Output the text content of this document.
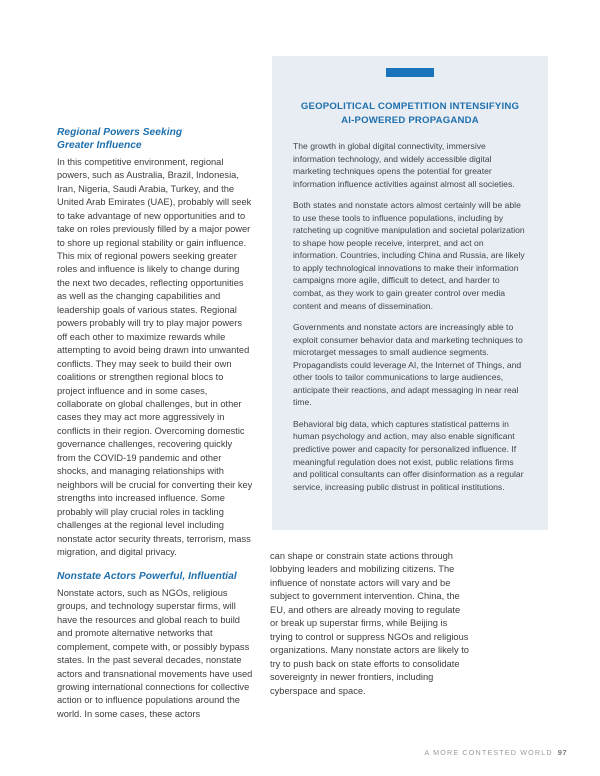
Regional Powers Seeking
Greater Influence

In this competitive environment, regional powers, such as Australia, Brazil, Indonesia, Iran, Nigeria, Saudi Arabia, Turkey, and the United Arab Emirates (UAE), probably will seek to take advantage of new opportunities and to take on roles previously filled by a major power to shore up regional stability or gain influence. This mix of regional powers seeking greater roles and influence is likely to change during the next two decades, reflecting opportunities as well as the changing capabilities and leadership goals of various states. Regional powers probably will try to play major powers off each other to maximize rewards while attempting to avoid being drawn into unwanted conflicts. They may seek to build their own coalitions or strengthen regional blocs to project influence and in some cases, collaborate on global challenges, but in other cases they may act more aggressively in conflicts in their region. Overcoming domestic governance challenges, recovering quickly from the COVID-19 pandemic and other shocks, and managing relationships with neighbors will be crucial for converting their key strengths into increased influence. Some probably will play crucial roles in tackling challenges at the regional level including nonstate actor security threats, terrorism, mass migration, and digital privacy.

Nonstate Actors Powerful, Influential

Nonstate actors, such as NGOs, religious groups, and technology superstar firms, will have the resources and global reach to build and promote alternative networks that complement, compete with, or possibly bypass states. In the past several decades, nonstate actors and transnational movements have used growing international connections for collective action or to influence populations around the world. In some cases, these actors

GEOPOLITICAL COMPETITION INTENSIFYING
AI-POWERED PROPAGANDA

The growth in global digital connectivity, immersive information technology, and widely accessible digital marketing techniques opens the potential for greater information influence activities against almost all societies.

Both states and nonstate actors almost certainly will be able to use these tools to influence populations, including by ratcheting up cognitive manipulation and societal polarization to shape how people receive, interpret, and act on information. Countries, including China and Russia, are likely to apply technological innovations to make their information campaigns more agile, difficult to detect, and harder to combat, as they work to gain greater control over media content and means of dissemination.

Governments and nonstate actors are increasingly able to exploit consumer behavior data and marketing techniques to microtarget messages to small audience segments. Propagandists could leverage AI, the Internet of Things, and other tools to tailor communications to large audiences, anticipate their reactions, and adapt messaging in near real time.

Behavioral big data, which captures statistical patterns in human psychology and action, may also enable significant predictive power and capacity for personalized influence. If meaningful regulation does not exist, public relations firms and political consultants can offer disinformation as a regular service, increasing public distrust in political institutions.

can shape or constrain state actions through lobbying leaders and mobilizing citizens. The influence of nonstate actors will vary and be subject to government intervention. China, the EU, and others are already moving to regulate or break up superstar firms, while Beijing is trying to control or suppress NGOs and religious organizations. Many nonstate actors are likely to try to push back on state efforts to consolidate sovereignty in newer frontiers, including cyberspace and space.

A MORE CONTESTED WORLD 97
